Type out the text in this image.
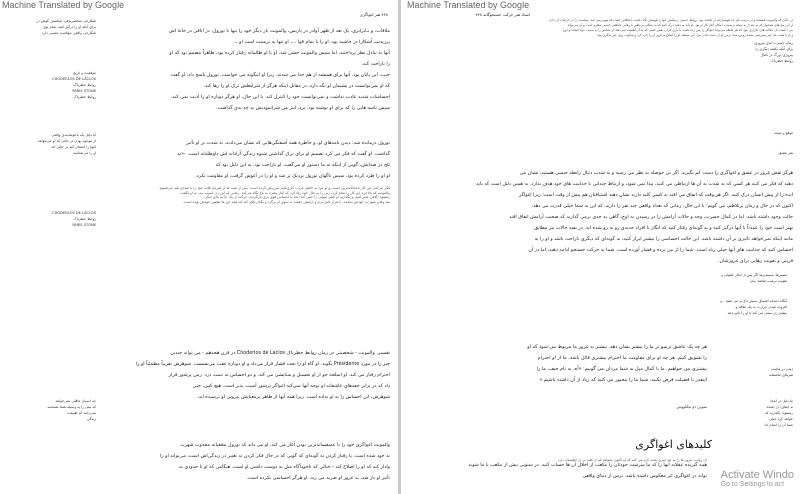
Machine Translated by Google
۴۴۸ هنر اغواگری
شکارچی منحصربه‌فرد شکستن گوش در
برای آنکه او را درگیر کنند، تمام نوع
شکارچی واقعی موقعیت عجیبی دارد
موقعیت و تاریخ
CHODERLOS DE LACLOS
روابط خطرناک
PARIS STONE
روابط خطرناک
آیا دلیل یک ناخوشایندی واقعی
از موجود بودن در حالی که او می‌خواهد
اغوا را امتحان کند در حالی که
او را می‌شناسد
CHODERLOS DE LACLOS
روابط خطرناک
PARIS STONE
چه انسانِ عاقلی نمی‌خواهد
که بینی را به وسیله شما بشناسد
نمی‌دانید که طبیعت
زندگی
ملاقات، و نـابرابری، یک بعد از ظهر آوادر در پاریس، والمونت بار دیگر خود را تنها با تورول، در اتاقی در خانهٔ اش
پرزیدنت آشکارا در حاشیه بود. او را با تمام قوا ...، او تنها به ترمینت است او ...
آنها به تبادل نظر پرداختند، اما سپس والمونت خشن شد. او با او طالمانه رفتار کرده بود، ظاهراً مصمم بود که او
را ناراحت کند.
حیب، این پایان بود. آنها برای همیشه از هم جدا می شدند. زیرا او اینگونه می خواست. تورول پاسخ داد: او گفت
که او نمی‌توانست در پشیمان او نگه دارد، در مقابل اینکه هرگز از شرایطش ترک او را رها کند.
احساسات شدید عادت نداشت و نمی‌توانست خود را کنترل کند. با این حال، او هرگز دوباره او را اذیت نمی کند.
سپس ناسه هایی را که برای او نوشته بود، برد، ایبر می شرانمودنش به چه بدی گذاشت.
تورول درمانده شد: دیدن نامه‌های او، و خاطره همه آشفتگی‌هایی که نشان می‌دادند، به شدت بر او تأثیر
گذاشت. او گفت که فکر می کرد تصمیم او برای ترک گذاشتن شیوه زندگی آزادانه اش داوطلبانه است. -«نه
تلخ در صدایش، گویی از اینکه به ما دستور او می‌گفت. او ناراحت بود. به این دلیل بود که
او او را طرد کرده بود. سپس ناگهان تورول نزدیک تر شد و او را در آغوش گرفت. او مقاومت نکرد.
فکر می‌کنی این کار ناعادلانه‌ترین است، و او مرا به خاطر خراب کاری‌هایم سرزنش کرده است. پس از شب ها از ضربان قلب خود را با صدای بلند می‌شنوم.
والمونت که بالاخره این کار را تمام کرد، زنی را به حال خود رها کرد که کنار پنجره به باغ نگاه می‌کند. زمانی که این زن آسیب دید، به او نگفت.
رهنمود: گاهی صبر کنید، و بگذارید او کمی تنهایی را حس کند؛ بعد با احساس قوی تری بازگردید. حرکت از یک جا به جای دیگر.
بعد وقتی هنوز به خودش نیامده، با هزار دلیل نرم و آرامش دهنده به سوی او برگرد و بگذار فکر کند که همه این ها تقصیر خودش بوده است.
تفسیر. والمونت - شخصیتی در رمان روابط خطرناک Choderlos de Laclos در قرن هجدهم - می تواند چندین
چیز را در مورد Présidente بگوید. او گاه او را تحت فشار قرار می‌داد و او دوباره عقب می‌نشست. شوهرش تقریباً مطمئناً او را
احترام رفتار می کند. او اسلحه جو از او تحسیل و ستایشی می کند. و دو احساس ته نتمت درد. زمن پرشور قرار
داد که در برابر حقه‌های عاشقانه او توجه آنها نمی‌کند اغواگر پرشور آسیب پذیر است. هیچ کس، حتی
شوهرش، این احساس را به او نداده است. زیرا همه آنها از ظاهر پرمعنایش بیرونی او ترسیده اند.
والمونت اغواگری خود را با عمیقسانه‌ترین بودن آغاز می کند. او می داند که تورول مخفیانه مجذوب شهرت
بد خود شده است. با رفتار کردن به گونه‌ای که گویی که در حال فکر کردن به تغییر در زندگی‌اش است، می‌تواند او را
وادار کند که او را اصلاح کند - خیالی که ناخودآگاه میل به دوست داشتن او است. هنگامی که او تا حدودی به
تأثیر او باز شد، به غرور او ضربه می زند. او هرگز احساسی نکرده است.
Machine Translated by Google
اسناد هنر حرکت جستجوگانه ۴۴۸
در حالی که والمونت همیشه و در ترتیب، هر چه هوشیارانه تر بکشد، بود. روابط جنسی زن‌هایش آنها را هوشیار نگه داشت. اتفاقاتی است که مهم‌ترینی شد. سیاست را در جزئیات آن دادن
از این میل‌های همجوار که به بعد از به نتیجه نرسیدن، امکان آغاز کار او بود. او باید به دقت درک کنید که به شکلی بی‌نظیر با رهایی عاطفی جنسی مقاوم است و آن می‌تواند
می دانست آن حکایت‌های تکراری نبود که هر لحظه می‌تواند اغواگر را پس زده باشد. با بازی کردن نقش کسی که به آن اهمیت نمی‌دهد، او شخص را به سمت خود کشاند و اورا
و او با همت یک چیز پیش‌بینی نشده روبرو شد: ترس او از دست دادن مرا. این مسئله او را اصلاح و غرور او را خرد کرد و سکوت روی چیز دیگری بود.
رمان حسرت ابدی پیروزی
برای آنکه بکشد دیگری را
پیروزی بزرگ در کمال
روابط خطرناک
موقع و نتیجه
هنر عشق
هرگز نقش غرور در عشق و اغواگری را دست کم نگیرید. اگر بی حوصله به نظر می رسید و به شدت دنبال رابطه جنسی هستید، نشان می
دهید که فکر می کنید هر کسی که به شدت به آن ها ارتباطی می کنید، پیدا نمی شود، و ارتباط چندانی با جذابیت های خود هدف ندارد. به همین دلیل است که باید
ایده را از پیش انسان درک کنید. اگر هر وقت که اتفاق می افتد به کسی کلید دارید نشان دهید اشتیاقتان هم پیش از وقت است؛ زیرا اغواگر
اکنون که در حال و زمان پرتلاطم، می گویم: با این حال، زمانی که تعداد واقعی چند نفر را دارید، که این به شما خیلی قدرت می دهد.
حالت وجود داشته باشد. اما در کمال حسرت، وجد و حالات آرامش را در رسیدن به اوج، گاهی به حدی برمی گذارید که صحبت آرامش اتفاق افتد
بهتر است خود را عمدتاً با آنها درگیر کنید و به گونه‌ای رفتار کنید که انگار با افراد جدیدی رو به رو شده اید. در بقیه حالات نیز مطابق
مانند اینکه نمی‌خواهد تاثیری بر آن داشته باشد. این حالت احساسی را بیشتر ابراز کنید، به گونه‌ای که دیگری ناراحت باشد و او را به
احساس کنید که جذابیت های آنها خیلی زیاد است. شما را از بین برده و فشار آورده است. شما به حرکت جستجو ادامه دهید، اما در آن
فریبی و تقویت رهایی برای غرورشان.
مسیرها: مستدیرها اگر پس از انکار عقولی و
تقویت ترغیب تقاضا، بیان
آنگاه دغدغه اشتیاق بسیار داغ تر می شود - و
افزوده شدن حرارت به یک علاقه و
بیشتر زن سعی می کند تا او را تاثیر دهد
دیدن در ماهیت
هنرهای عاشقانه
ما دلیل در اینجا
به اتفاق، در امتداد
رهنمود: بگذارید که
خواهد کرد خیلی
شما آن را انجام داد
هر چه یک عاشق ترسو تر ما را بیشتر نشان دهد، بیشتر به غرور ما مربوط می شود که او
را تشویق کنیم. هر چه او برای مقاومت ما احترام بیشتری قائل باشد، ما از او احترام
بیشتری می خواهیم. ما با کمال میل به شما مردان می گوییم: «آه، به نام حیف، ما را
اینقدر با فضیلت فرض نکنید، شما ما را مجبور می کنید که زیاد از آن داشته باشیم.»
سوین دو تیکلووس
کلیدهای اغواگری
همه گیرنده عقلانه آنها را که ما سرشت خودتان را مکعب از اخلال آن ها حساب کنید. در ستونی بیش از مکعب با ما شوند
تواند در اغواگری اثر معکوس داشته باشد. ترس از دنیای واقعی
آن روایت غرور ما را به چه چیزی بحث کرد می کند که او اکنون بخواهد که از غلبه بر آن اطمینان دارد
Activate Windo
Go to Settings to act
